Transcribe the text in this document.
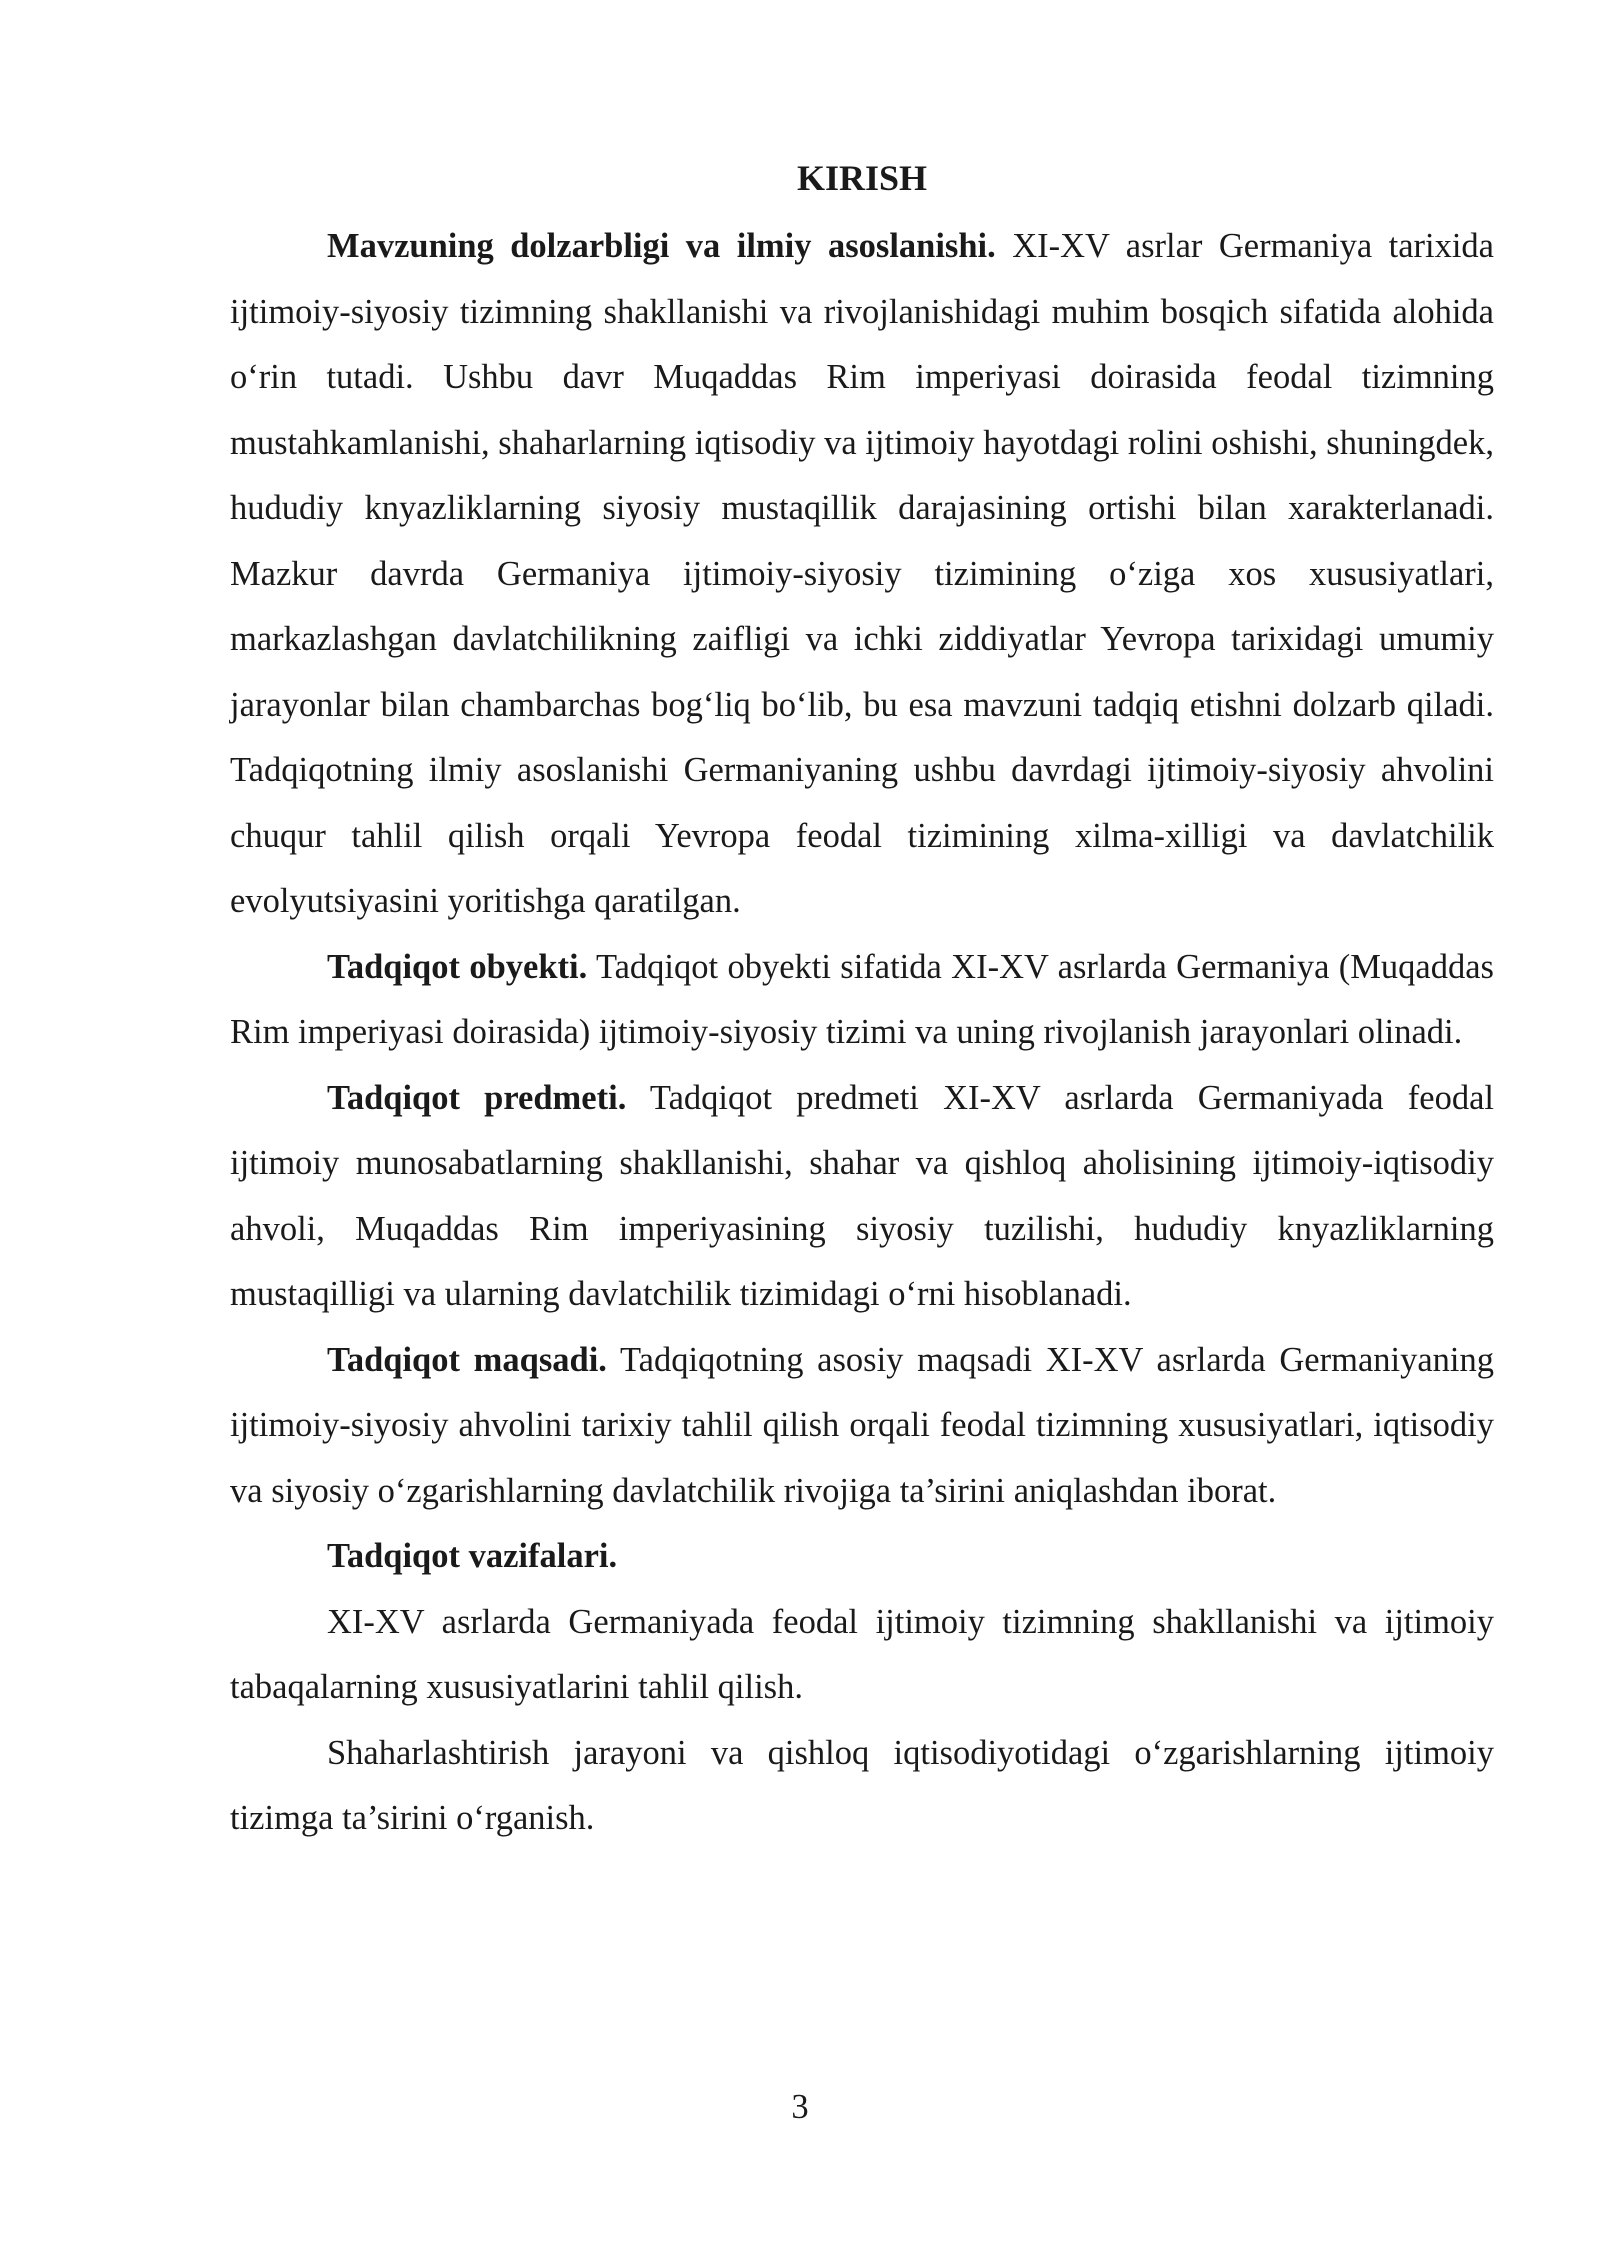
KIRISH

Mavzuning dolzarbligi va ilmiy asoslanishi. XI-XV asrlar Germaniya tarixida ijtimoiy-siyosiy tizimning shakllanishi va rivojlanishidagi muhim bosqich sifatida alohida o‘rin tutadi. Ushbu davr Muqaddas Rim imperiyasi doirasida feodal tizimning mustahkamlanishi, shaharlarning iqtisodiy va ijtimoiy hayotdagi rolini oshishi, shuningdek, hududiy knyazliklarning siyosiy mustaqillik darajasining ortishi bilan xarakterlanadi. Mazkur davrda Germaniya ijtimoiy-siyosiy tizimining o‘ziga xos xususiyatlari, markazlashgan davlatchilikning zaifligi va ichki ziddiyatlar Yevropa tarixidagi umumiy jarayonlar bilan chambarchas bog‘liq bo‘lib, bu esa mavzuni tadqiq etishni dolzarb qiladi. Tadqiqotning ilmiy asoslanishi Germaniyaning ushbu davrdagi ijtimoiy-siyosiy ahvolini chuqur tahlil qilish orqali Yevropa feodal tizimining xilma-xilligi va davlatchilik evolyutsiyasini yoritishga qaratilgan.

Tadqiqot obyekti. Tadqiqot obyekti sifatida XI-XV asrlarda Germaniya (Muqaddas Rim imperiyasi doirasida) ijtimoiy-siyosiy tizimi va uning rivojlanish jarayonlari olinadi.

Tadqiqot predmeti. Tadqiqot predmeti XI-XV asrlarda Germaniyada feodal ijtimoiy munosabatlarning shakllanishi, shahar va qishloq aholisining ijtimoiy-iqtisodiy ahvoli, Muqaddas Rim imperiyasining siyosiy tuzilishi, hududiy knyazliklarning mustaqilligi va ularning davlatchilik tizimidagi o‘rni hisoblanadi.

Tadqiqot maqsadi. Tadqiqotning asosiy maqsadi XI-XV asrlarda Germaniyaning ijtimoiy-siyosiy ahvolini tarixiy tahlil qilish orqali feodal tizimning xususiyatlari, iqtisodiy va siyosiy o‘zgarishlarning davlatchilik rivojiga ta’sirini aniqlashdan iborat.

Tadqiqot vazifalari.

XI-XV asrlarda Germaniyada feodal ijtimoiy tizimning shakllanishi va ijtimoiy tabaqalarning xususiyatlarini tahlil qilish.

Shaharlashtirish jarayoni va qishloq iqtisodiyotidagi o‘zgarishlarning ijtimoiy tizimga ta’sirini o‘rganish.

3
